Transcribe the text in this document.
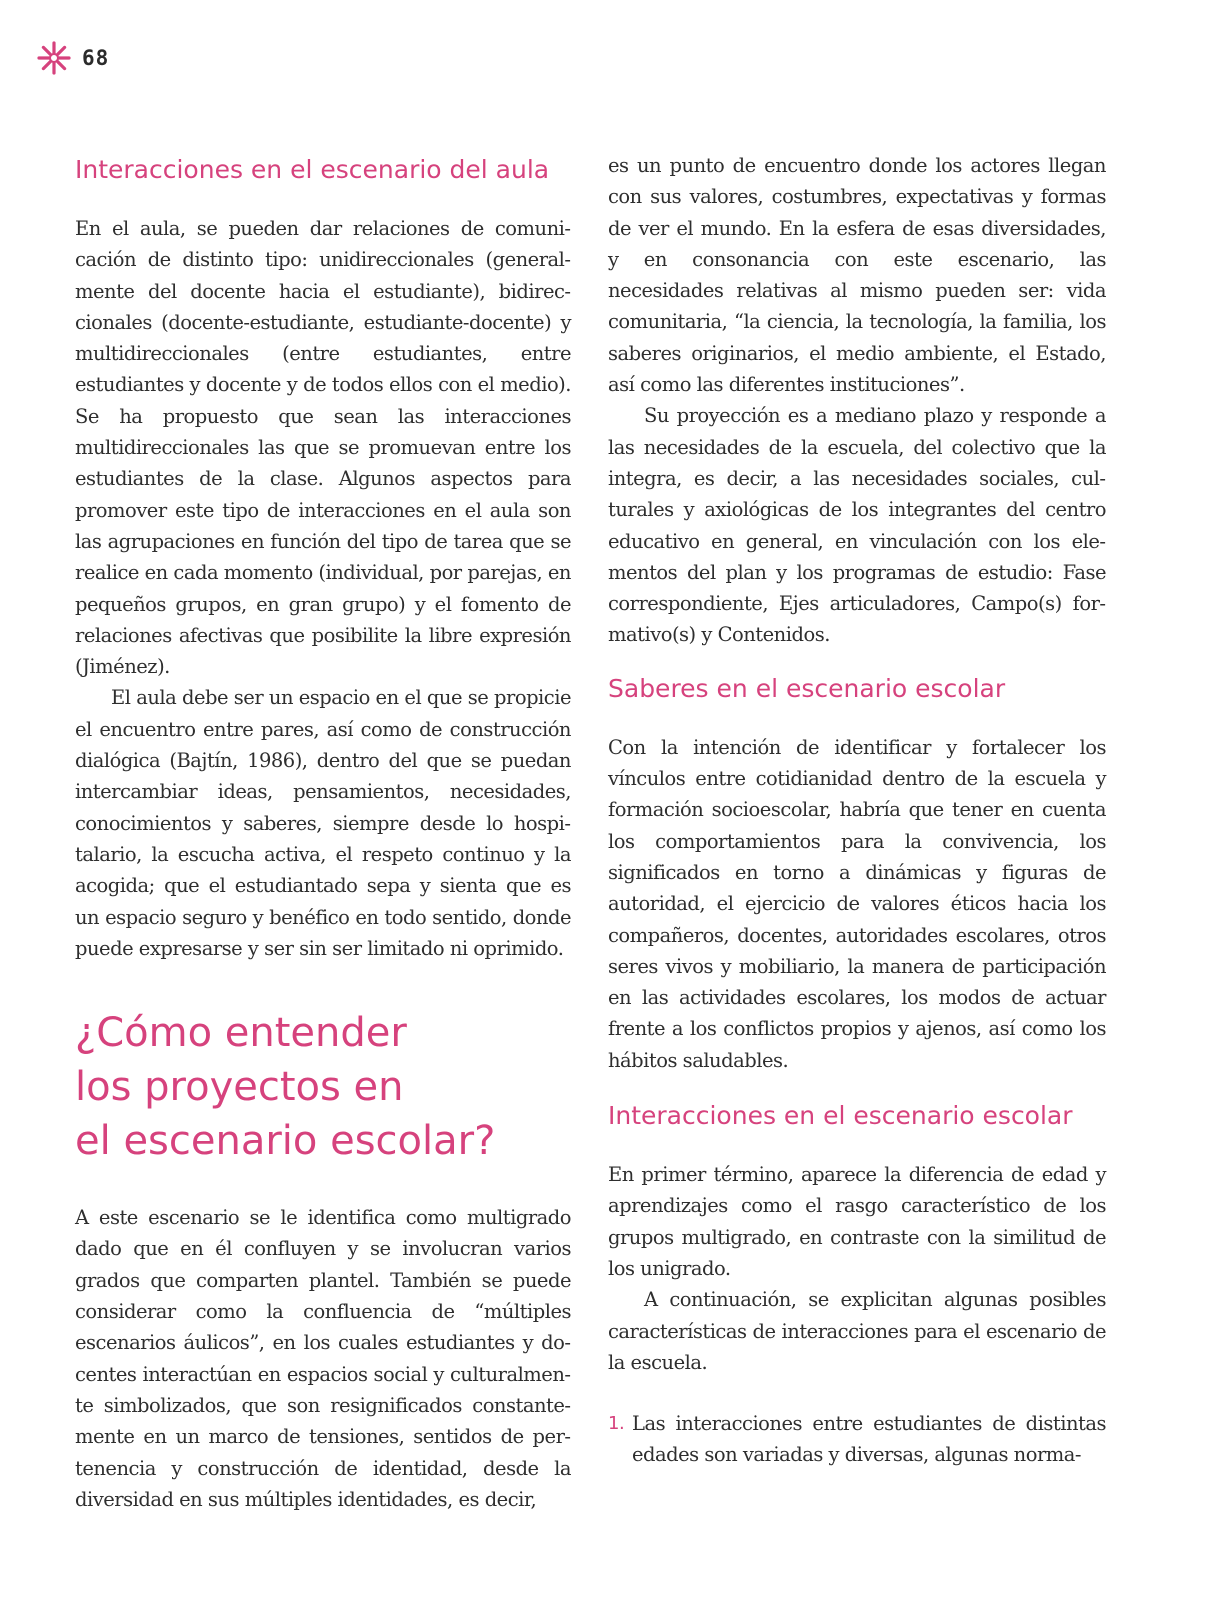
68
Interacciones en el escenario del aula

En el aula, se pueden dar relaciones de comunicación de distinto tipo: unidireccionales (generalmente del docente hacia el estudiante), bidireccionales (docente-estudiante, estudiante-docente) y multidireccionales (entre estudiantes, entre estudiantes y docente y de todos ellos con el medio). Se ha propuesto que sean las interacciones multidireccionales las que se promuevan entre los estudiantes de la clase. Algunos aspectos para promover este tipo de interacciones en el aula son las agrupaciones en función del tipo de tarea que se realice en cada momento (individual, por parejas, en pequeños grupos, en gran grupo) y el fomento de relaciones afectivas que posibilite la libre expresión (Jiménez).

El aula debe ser un espacio en el que se propicie el encuentro entre pares, así como de construcción dialógica (Bajtín, 1986), dentro del que se puedan intercambiar ideas, pensamientos, necesidades, conocimientos y saberes, siempre desde lo hospitalario, la escucha activa, el respeto continuo y la acogida; que el estudiantado sepa y sienta que es un espacio seguro y benéfico en todo sentido, donde puede expresarse y ser sin ser limitado ni oprimido.

¿Cómo entender
los proyectos en
el escenario escolar?

A este escenario se le identifica como multigrado dado que en él confluyen y se involucran varios grados que comparten plantel. También se puede considerar como la confluencia de “múltiples escenarios áulicos”, en los cuales estudiantes y docentes interactúan en espacios social y culturalmente simbolizados, que son resignificados constantemente en un marco de tensiones, sentidos de pertenencia y construcción de identidad, desde la diversidad en sus múltiples identidades, es decir,

es un punto de encuentro donde los actores llegan con sus valores, costumbres, expectativas y formas de ver el mundo. En la esfera de esas diversidades, y en consonancia con este escenario, las necesidades relativas al mismo pueden ser: vida comunitaria, “la ciencia, la tecnología, la familia, los saberes originarios, el medio ambiente, el Estado, así como las diferentes instituciones”.

Su proyección es a mediano plazo y responde a las necesidades de la escuela, del colectivo que la integra, es decir, a las necesidades sociales, culturales y axiológicas de los integrantes del centro educativo en general, en vinculación con los elementos del plan y los programas de estudio: Fase correspondiente, Ejes articuladores, Campo(s) formativo(s) y Contenidos.

Saberes en el escenario escolar

Con la intención de identificar y fortalecer los vínculos entre cotidianidad dentro de la escuela y formación socioescolar, habría que tener en cuenta los comportamientos para la convivencia, los significados en torno a dinámicas y figuras de autoridad, el ejercicio de valores éticos hacia los compañeros, docentes, autoridades escolares, otros seres vivos y mobiliario, la manera de participación en las actividades escolares, los modos de actuar frente a los conflictos propios y ajenos, así como los hábitos saludables.

Interacciones en el escenario escolar

En primer término, aparece la diferencia de edad y aprendizajes como el rasgo característico de los grupos multigrado, en contraste con la similitud de los unigrado.

A continuación, se explicitan algunas posibles características de interacciones para el escenario de la escuela.

1. Las interacciones entre estudiantes de distintas edades son variadas y diversas, algunas norma-
